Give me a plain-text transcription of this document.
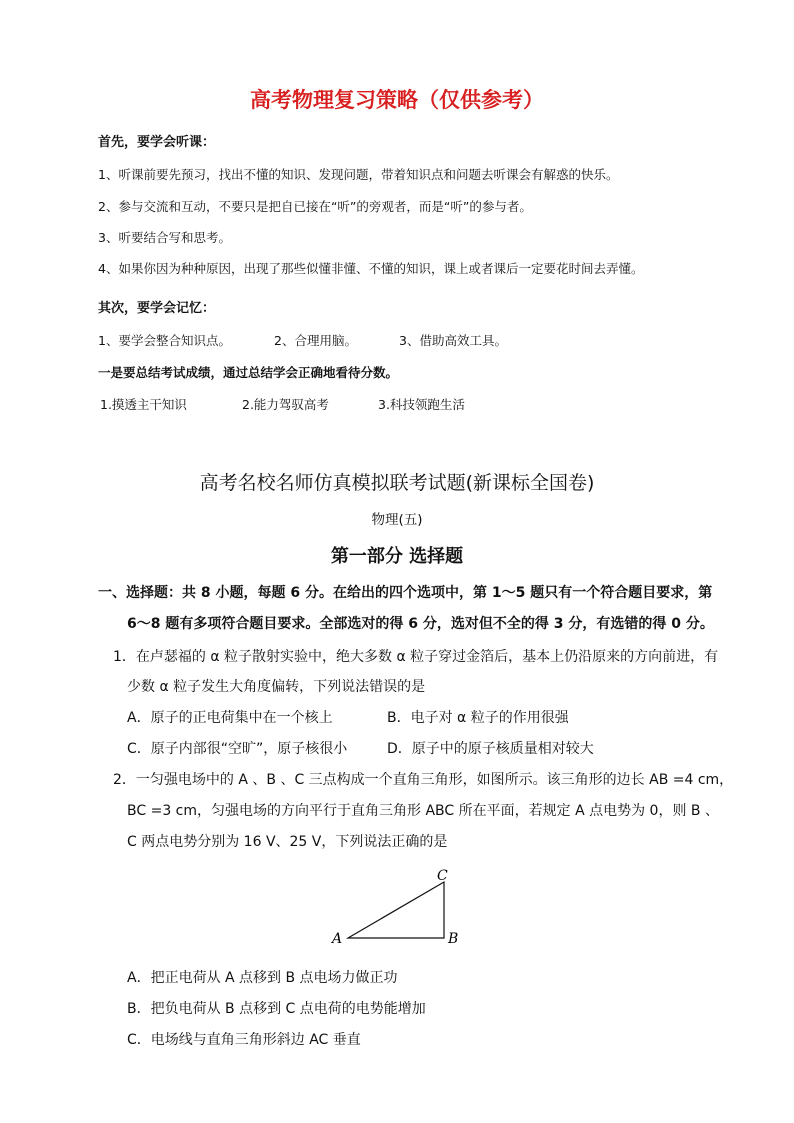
高考物理复习策略（仅供参考）
首先，要学会听课：
1、听课前要先预习，找出不懂的知识、发现问题，带着知识点和问题去听课会有解惑的快乐。
2、参与交流和互动，不要只是把自已接在“听”的旁观者，而是“听”的参与者。
3、听要结合写和思考。
4、如果你因为种种原因，出现了那些似懂非懂、不懂的知识，课上或者课后一定要花时间去弄懂。
其次，要学会记忆：
1、要学会整合知识点。	2、合理用脑。	3、借助高效工具。
一是要总结考试成绩，通过总结学会正确地看待分数。
1.摸透主干知识	2.能力驾驭高考	3.科技领跑生活
高考名校名师仿真模拟联考试题(新课标全国卷)
物理(五)
第一部分 选择题
一、选择题：共 8 小题，每题 6 分。在给出的四个选项中，第 1～5 题只有一个符合题目要求，第
6～8 题有多项符合题目要求。全部选对的得 6 分，选对但不全的得 3 分，有选错的得 0 分。
1．在卢瑟福的 α 粒子散射实验中，绝大多数 α 粒子穿过金箔后，基本上仍沿原来的方向前进，有
少数 α 粒子发生大角度偏转，下列说法错误的是
A．原子的正电荷集中在一个核上	B．电子对 α 粒子的作用很强
C．原子内部很“空旷”，原子核很小	D．原子中的原子核质量相对较大
2．一匀强电场中的 A 、B 、C 三点构成一个直角三角形，如图所示。该三角形的边长 AB =4 cm，
BC =3 cm，匀强电场的方向平行于直角三角形 ABC 所在平面，若规定 A 点电势为 0，则 B 、
C 两点电势分别为 16 V、25 V，下列说法正确的是
A	B
C
A．把正电荷从 A 点移到 B 点电场力做正功
B．把负电荷从 B 点移到 C 点电荷的电势能增加
C．电场线与直角三角形斜边 AC 垂直
